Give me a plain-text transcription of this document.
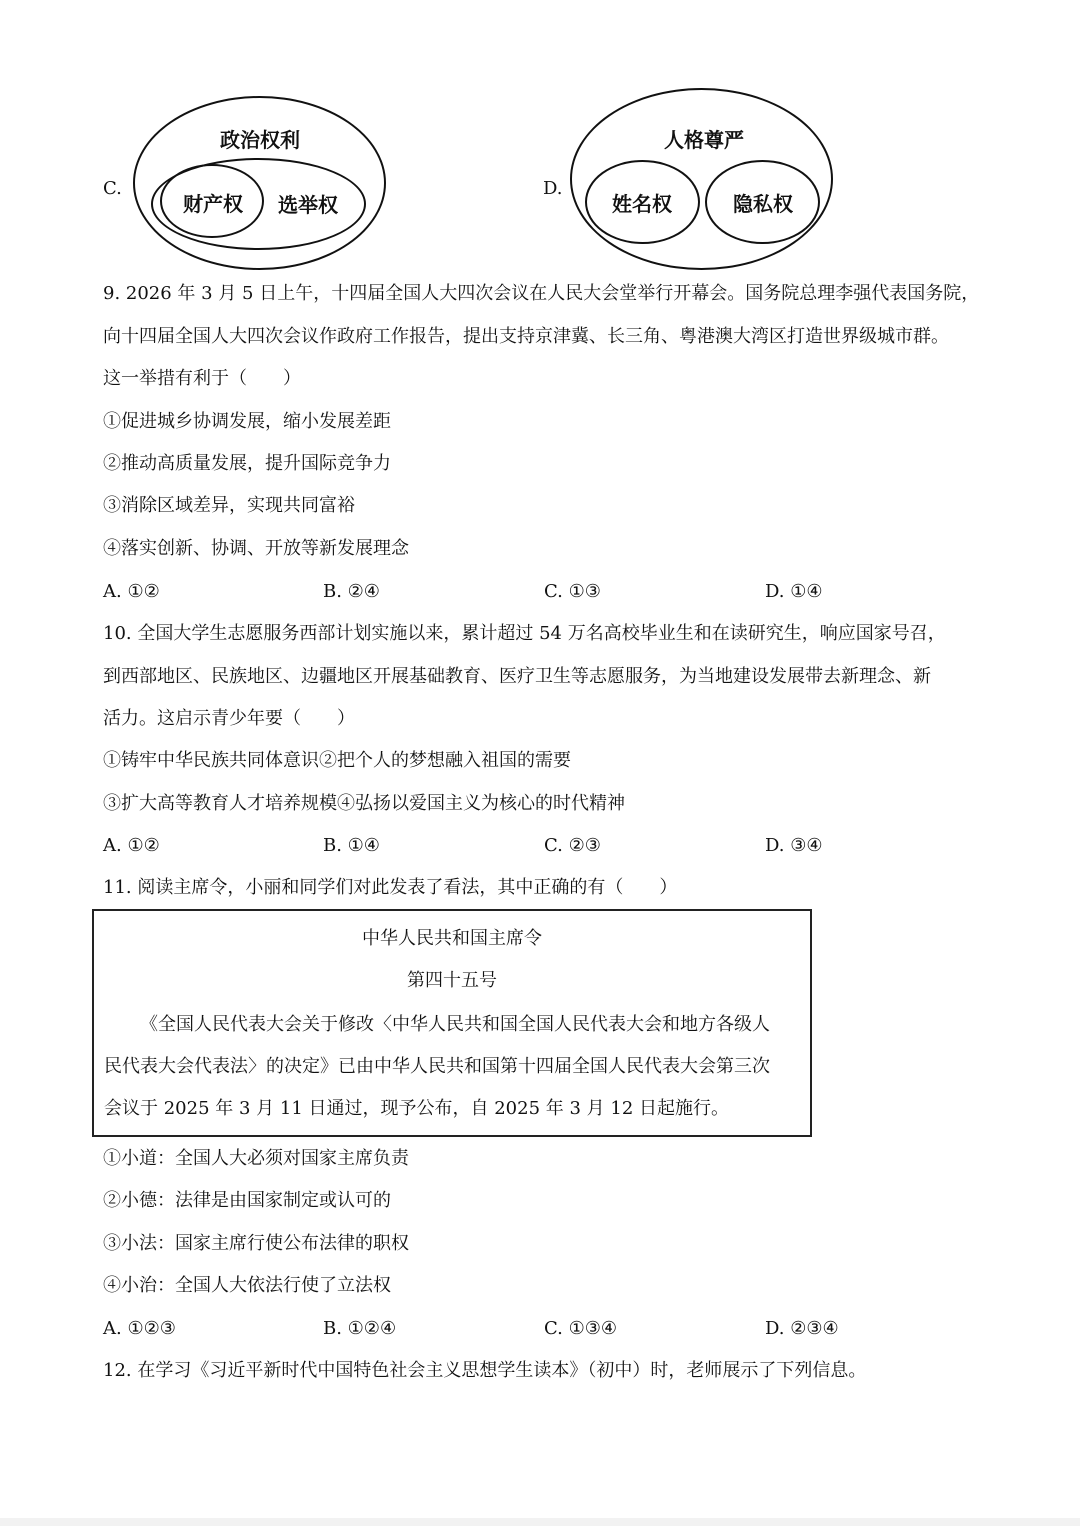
C.
政治权利
财产权 选举权
D.
人格尊严
姓名权	隐私权
9. 2026 年 3 月 5 日上午，十四届全国人大四次会议在人民大会堂举行开幕会。国务院总理李强代表国务院，
向十四届全国人大四次会议作政府工作报告，提出支持京津冀、长三角、粤港澳大湾区打造世界级城市群。
这一举措有利于（　　）
①促进城乡协调发展，缩小发展差距
②推动高质量发展，提升国际竞争力
③消除区域差异，实现共同富裕
④落实创新、协调、开放等新发展理念
A. ①②	B. ②④	C. ①③	D. ①④
10. 全国大学生志愿服务西部计划实施以来，累计超过 54 万名高校毕业生和在读研究生，响应国家号召，
到西部地区、民族地区、边疆地区开展基础教育、医疗卫生等志愿服务，为当地建设发展带去新理念、新
活力。这启示青少年要（　　）
①铸牢中华民族共同体意识②把个人的梦想融入祖国的需要
③扩大高等教育人才培养规模④弘扬以爱国主义为核心的时代精神
A. ①②	B. ①④	C. ②③	D. ③④
11. 阅读主席令，小丽和同学们对此发表了看法，其中正确的有（　　）
中华人民共和国主席令
第四十五号
《全国人民代表大会关于修改〈中华人民共和国全国人民代表大会和地方各级人
民代表大会代表法〉的决定》已由中华人民共和国第十四届全国人民代表大会第三次
会议于 2025 年 3 月 11 日通过，现予公布，自 2025 年 3 月 12 日起施行。
①小道：全国人大必须对国家主席负责
②小德：法律是由国家制定或认可的
③小法：国家主席行使公布法律的职权
④小治：全国人大依法行使了立法权
A. ①②③	B. ①②④	C. ①③④	D. ②③④
12. 在学习《习近平新时代中国特色社会主义思想学生读本》（初中）时，老师展示了下列信息。
